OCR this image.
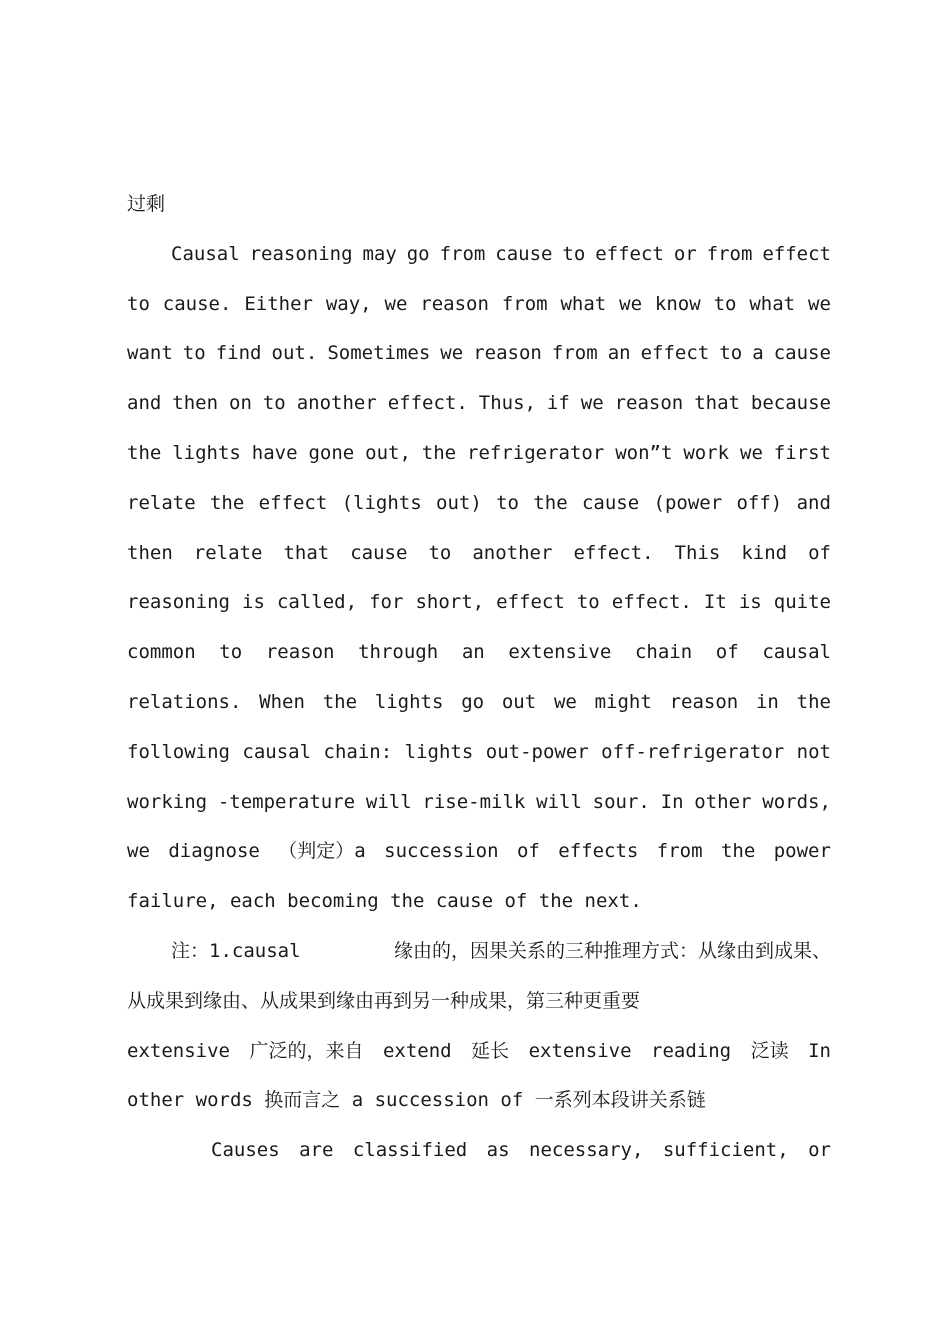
过剩
Causal reasoning may go from cause to effect or from effect
to cause. Either way, we reason from what we know to what we
want to find out. Sometimes we reason from an effect to a cause
and then on to another effect. Thus, if we reason that because
the lights have gone out, the refrigerator won”t work we first
relate the effect (lights out) to the cause (power off) and
then relate that cause to another effect. This kind of
reasoning is called, for short, effect to effect. It is quite
common to reason through an extensive chain of causal
relations. When the lights go out we might reason in the
following causal chain: lights out-power off-refrigerator not
working -temperature will rise-milk will sour. In other words,
we diagnose （判定）a succession of effects from the power
failure, each becoming the cause of the next.
注：1.causal	缘由的，因果关系的三种推理方式：从缘由到成果、
从成果到缘由、从成果到缘由再到另一种成果，第三种更重要
extensive 广泛的，来自 extend 延长 extensive reading 泛读 In
other words 换而言之 a succession of 一系列本段讲关系链
Causes are classified as necessary, sufficient, or
